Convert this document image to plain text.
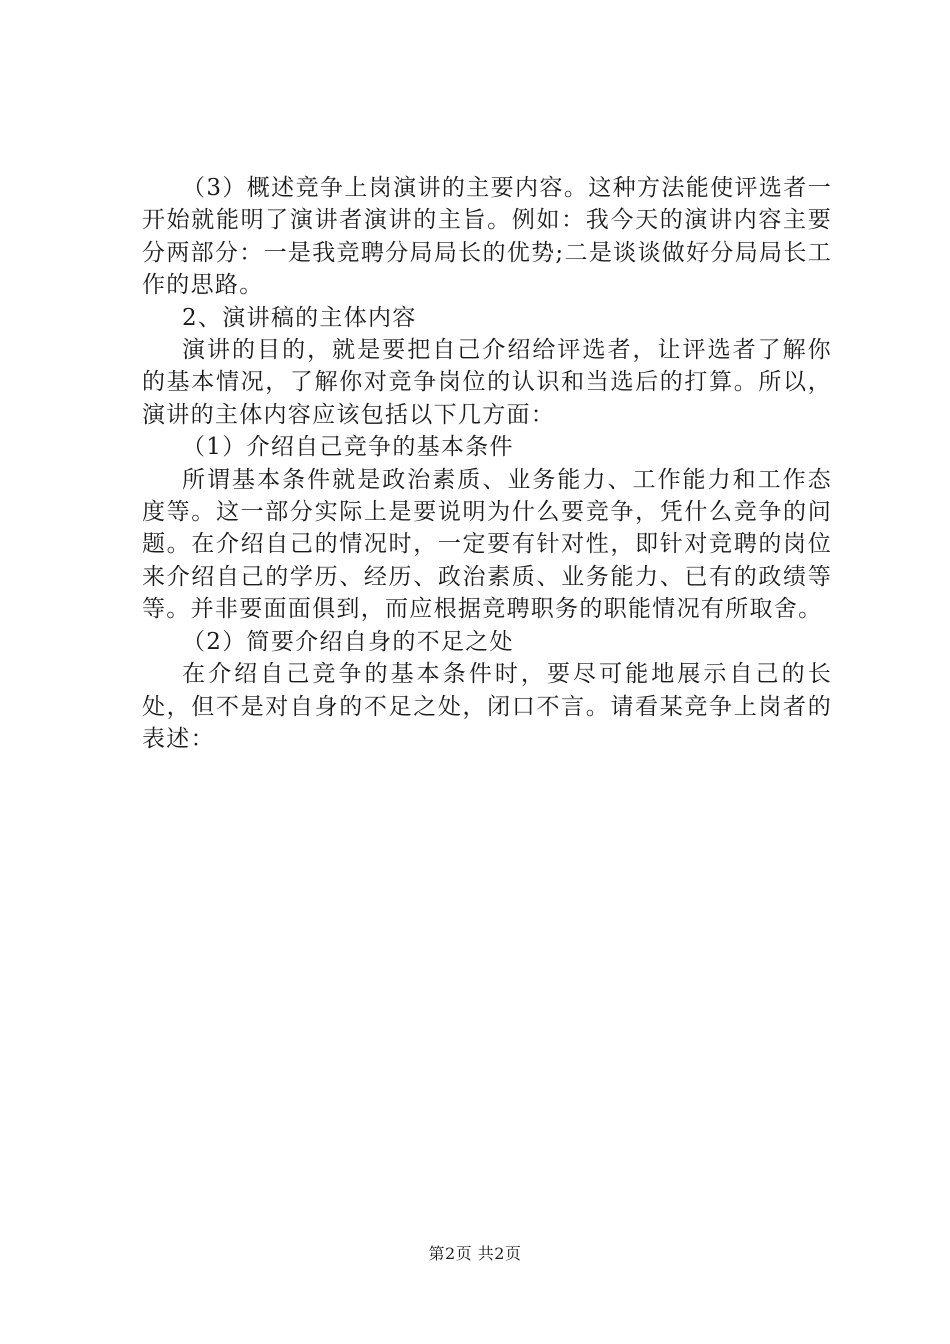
（3）概述竞争上岗演讲的主要内容。这种方法能使评选者一开始就能明了演讲者演讲的主旨。例如：我今天的演讲内容主要分两部分：一是我竞聘分局局长的优势;二是谈谈做好分局局长工作的思路。

2、演讲稿的主体内容

演讲的目的，就是要把自己介绍给评选者，让评选者了解你的基本情况，了解你对竞争岗位的认识和当选后的打算。所以，演讲的主体内容应该包括以下几方面：

（1）介绍自己竞争的基本条件

所谓基本条件就是政治素质、业务能力、工作能力和工作态度等。这一部分实际上是要说明为什么要竞争，凭什么竞争的问题。在介绍自己的情况时，一定要有针对性，即针对竞聘的岗位来介绍自己的学历、经历、政治素质、业务能力、已有的政绩等等。并非要面面俱到，而应根据竞聘职务的职能情况有所取舍。

（2）简要介绍自身的不足之处

在介绍自己竞争的基本条件时，要尽可能地展示自己的长处，但不是对自身的不足之处，闭口不言。请看某竞争上岗者的表述：

第2页 共2页
